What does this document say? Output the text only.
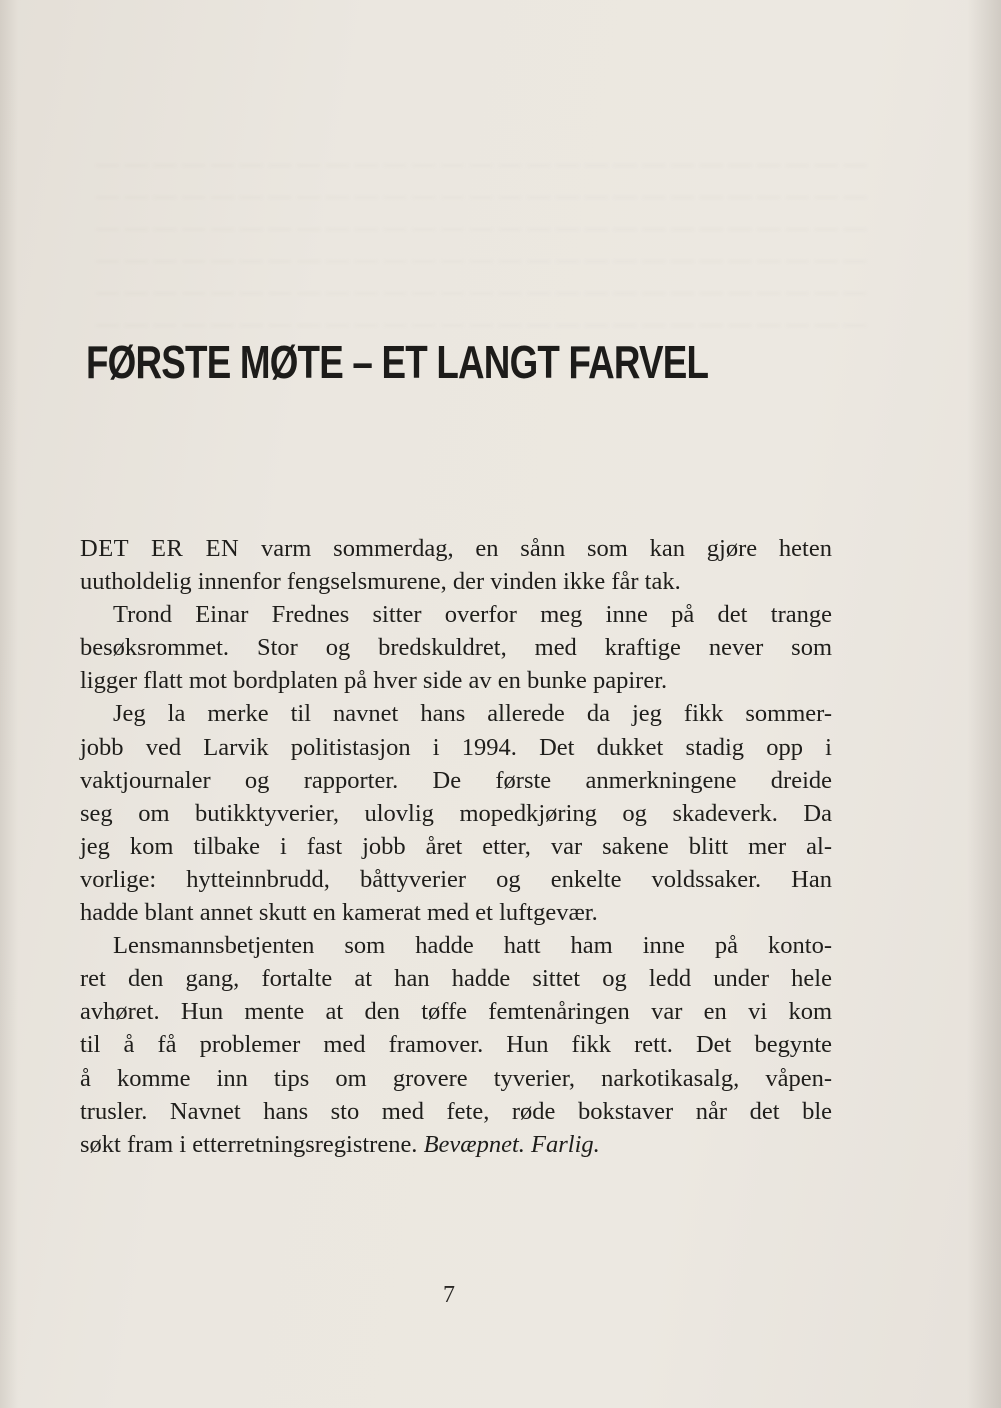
— — — — — — — — — — — — — — — — — — — — — — — — — — —
— — — — — — — — — — — — — — — — — — — — — — — — — — —
— — — — — — — — — — — — — — — — — — — — — — — — — — —
— — — — — — — — — — — — — — — — — — — — — — — — — — —
— — — — — — — — — — — — — — — — — — — — — — — — — — —
— — — — — — — — — — — — — — — — — — — — — — — — — — —
FØRSTE MØTE – ET LANGT FARVEL

DET ER EN varm sommerdag, en sånn som kan gjøre heten

uutholdelig innenfor fengselsmurene, der vinden ikke får tak.

Trond Einar Frednes sitter overfor meg inne på det trange

besøksrommet. Stor og bredskuldret, med kraftige never som

ligger flatt mot bordplaten på hver side av en bunke papirer.

Jeg la merke til navnet hans allerede da jeg fikk sommer-

jobb ved Larvik politistasjon i 1994. Det dukket stadig opp i

vaktjournaler og rapporter. De første anmerkningene dreide

seg om butikktyverier, ulovlig mopedkjøring og skadeverk. Da

jeg kom tilbake i fast jobb året etter, var sakene blitt mer al-

vorlige: hytteinnbrudd, båttyverier og enkelte voldssaker. Han

hadde blant annet skutt en kamerat med et luftgevær.

Lensmannsbetjenten som hadde hatt ham inne på konto-

ret den gang, fortalte at han hadde sittet og ledd under hele

avhøret. Hun mente at den tøffe femtenåringen var en vi kom

til å få problemer med framover. Hun fikk rett. Det begynte

å komme inn tips om grovere tyverier, narkotikasalg, våpen-

trusler. Navnet hans sto med fete, røde bokstaver når det ble

søkt fram i etterretningsregistrene. Bevæpnet. Farlig.

7
